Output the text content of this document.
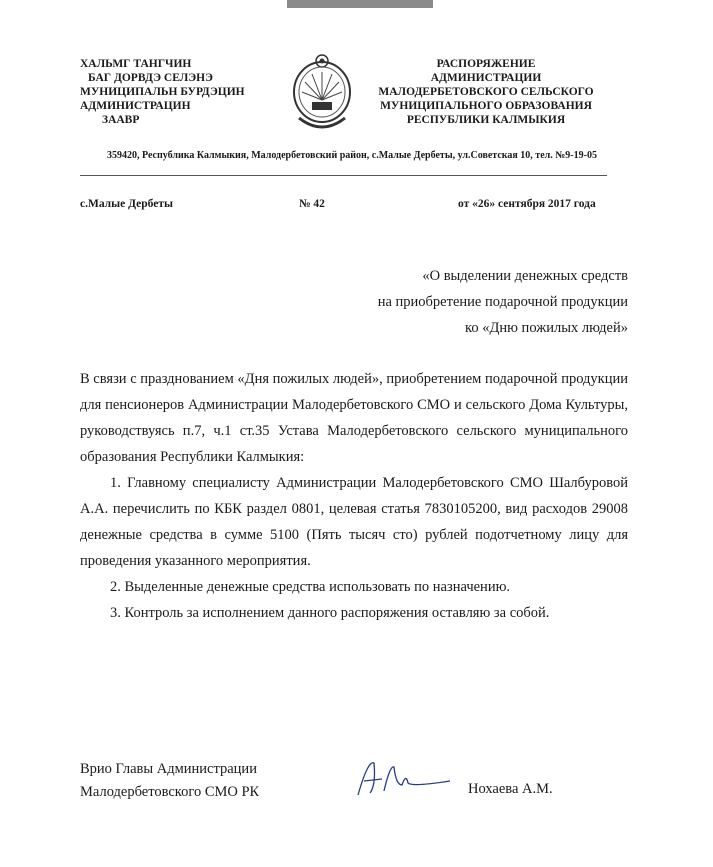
ХАЛЬМГ ТАНГЧИН
БАГ ДОРВДЭ СЕЛЭНЭ
МУНИЦИПАЛЬН БУРДЭЦИН
АДМИНИСТРАЦИН
ЗААВР
РАСПОРЯЖЕНИЕ
АДМИНИСТРАЦИИ
МАЛОДЕРБЕТОВСКОГО СЕЛЬСКОГО
МУНИЦИПАЛЬНОГО ОБРАЗОВАНИЯ
РЕСПУБЛИКИ КАЛМЫКИЯ
359420, Республика Калмыкия, Малодербетовский район, с.Малые Дербеты, ул.Советская 10, тел. №9-19-05
с.Малые Дербеты	№ 42	от «26» сентября 2017 года
«О выделении денежных средств
на приобретение подарочной продукции
ко «Дню пожилых людей»

В связи с празднованием «Дня пожилых людей», приобретением подарочной продукции для пенсионеров Администрации Малодербетовского СМО и сельского Дома Культуры, руководствуясь п.7, ч.1 ст.35 Устава Малодербетовского сельского муниципального образования Республики Калмыкия:

1. Главному специалисту Администрации Малодербетовского СМО Шалбуровой А.А. перечислить по КБК раздел 0801, целевая статья 7830105200, вид расходов 29008 денежные средства в сумме 5100 (Пять тысяч сто) рублей подотчетному лицу для проведения указанного мероприятия.

2. Выделенные денежные средства использовать по назначению.

3. Контроль за исполнением данного распоряжения оставляю за собой.

Врио Главы Администрации
Малодербетовского СМО РК	Нохаева А.М.
